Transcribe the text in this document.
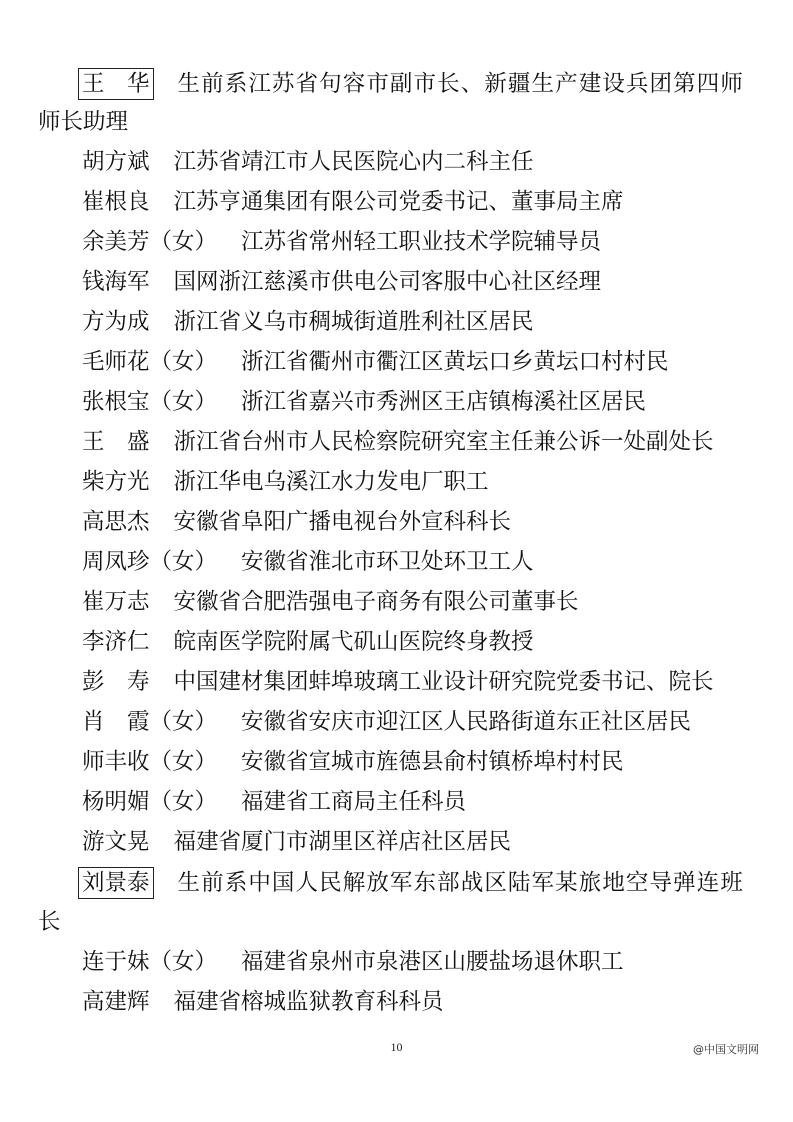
王　华 生前系江苏省句容市副市长、新疆生产建设兵团第四师
师长助理
胡方斌 江苏省靖江市人民医院心内二科主任
崔根良 江苏亨通集团有限公司党委书记、董事局主席
余美芳（女） 江苏省常州轻工职业技术学院辅导员
钱海军 国网浙江慈溪市供电公司客服中心社区经理
方为成 浙江省义乌市稠城街道胜利社区居民
毛师花（女） 浙江省衢州市衢江区黄坛口乡黄坛口村村民
张根宝（女） 浙江省嘉兴市秀洲区王店镇梅溪社区居民
王　盛 浙江省台州市人民检察院研究室主任兼公诉一处副处长
柴方光 浙江华电乌溪江水力发电厂职工
高思杰 安徽省阜阳广播电视台外宣科科长
周凤珍（女） 安徽省淮北市环卫处环卫工人
崔万志 安徽省合肥浩强电子商务有限公司董事长
李济仁 皖南医学院附属弋矶山医院终身教授
彭　寿 中国建材集团蚌埠玻璃工业设计研究院党委书记、院长
肖　霞（女） 安徽省安庆市迎江区人民路街道东正社区居民
师丰收（女） 安徽省宣城市旌德县俞村镇桥埠村村民
杨明媚（女） 福建省工商局主任科员
游文晃 福建省厦门市湖里区祥店社区居民
刘景泰 生前系中国人民解放军东部战区陆军某旅地空导弹连班
长
连于妹（女） 福建省泉州市泉港区山腰盐场退休职工
高建辉 福建省榕城监狱教育科科员
10	@中国文明网
